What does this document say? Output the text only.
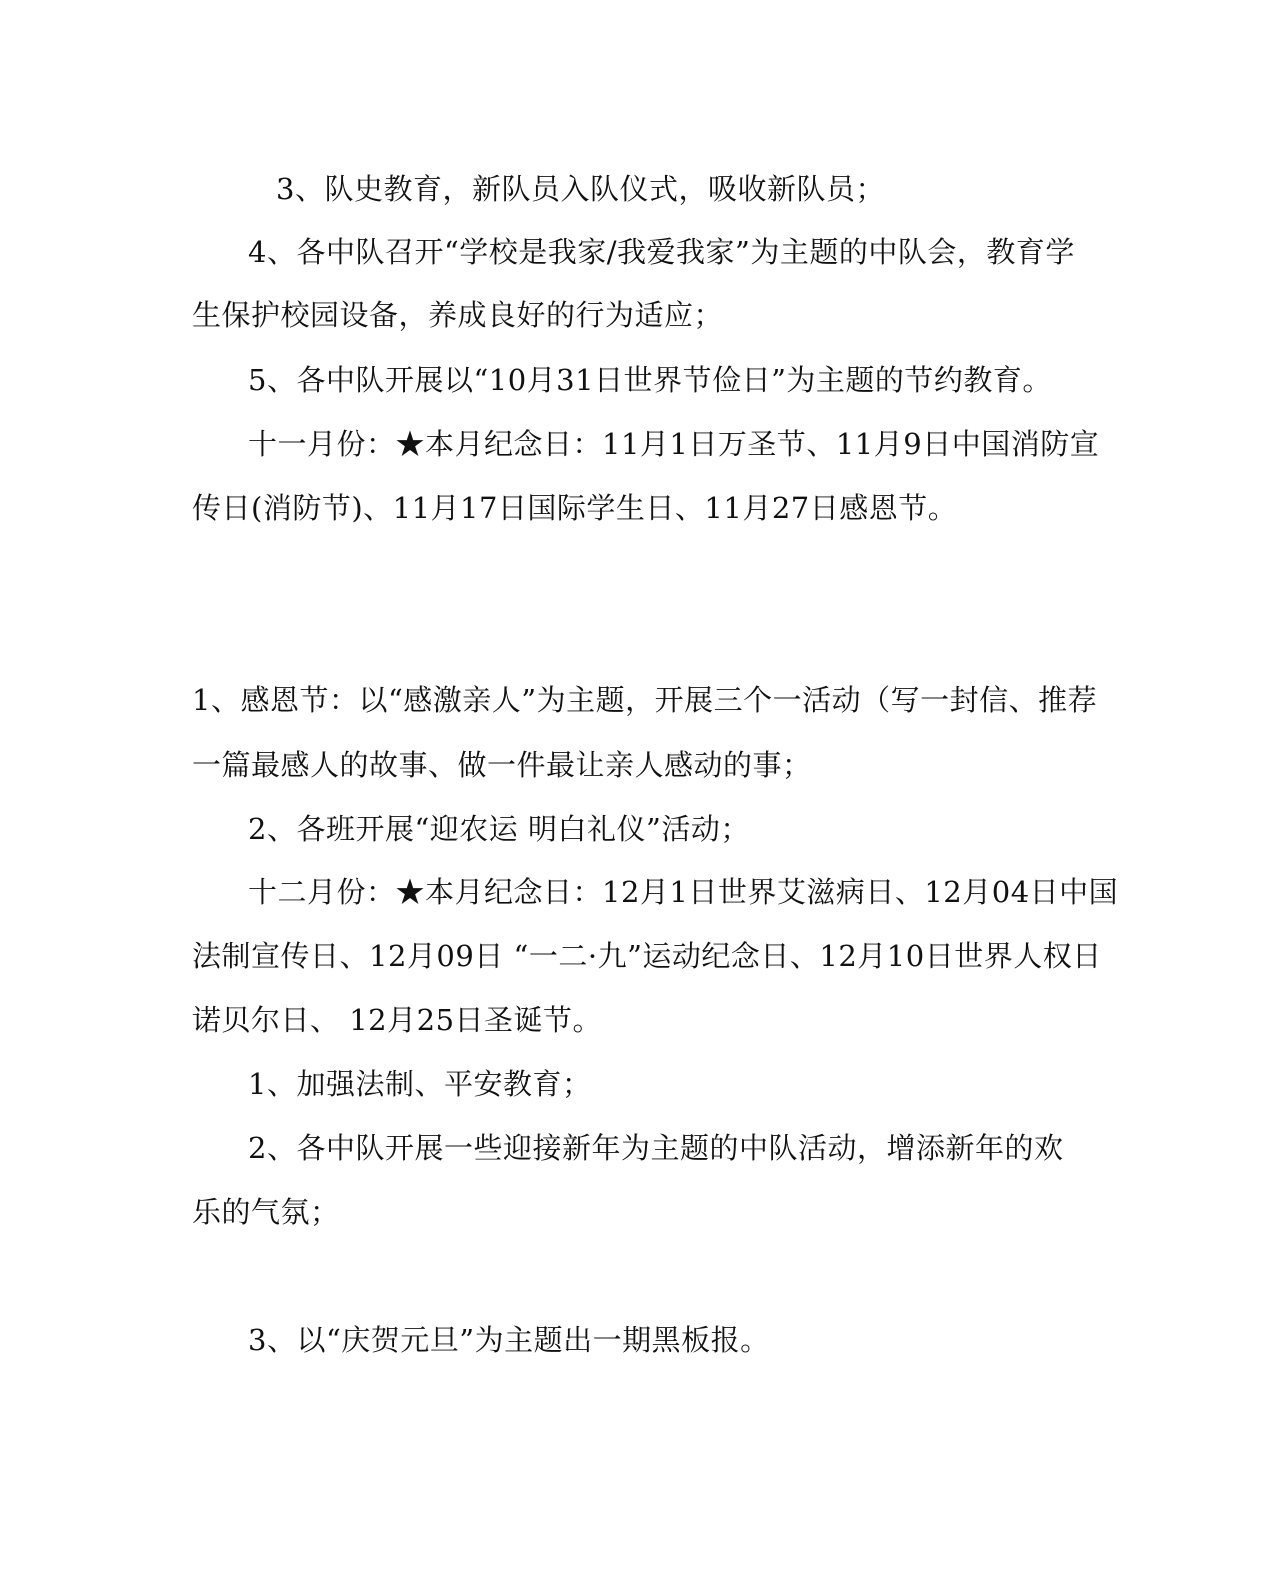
3、队史教育，新队员入队仪式，吸收新队员；
4、各中队召开“学校是我家/我爱我家”为主题的中队会，教育学
生保护校园设备，养成良好的行为适应；
5、各中队开展以“10月31日世界节俭日”为主题的节约教育。
十一月份：★本月纪念日：11月1日万圣节、11月9日中国消防宣
传日(消防节)、11月17日国际学生日、11月27日感恩节。
1、感恩节：以“感激亲人”为主题，开展三个一活动（写一封信、推荐
一篇最感人的故事、做一件最让亲人感动的事；
2、各班开展“迎农运 明白礼仪”活动；
十二月份：★本月纪念日：12月1日世界艾滋病日、12月04日中国
法制宣传日、12月09日 “一二·九”运动纪念日、12月10日世界人权日
诺贝尔日、 12月25日圣诞节。
1、加强法制、平安教育；
2、各中队开展一些迎接新年为主题的中队活动，增添新年的欢
乐的气氛；
3、以“庆贺元旦”为主题出一期黑板报。
